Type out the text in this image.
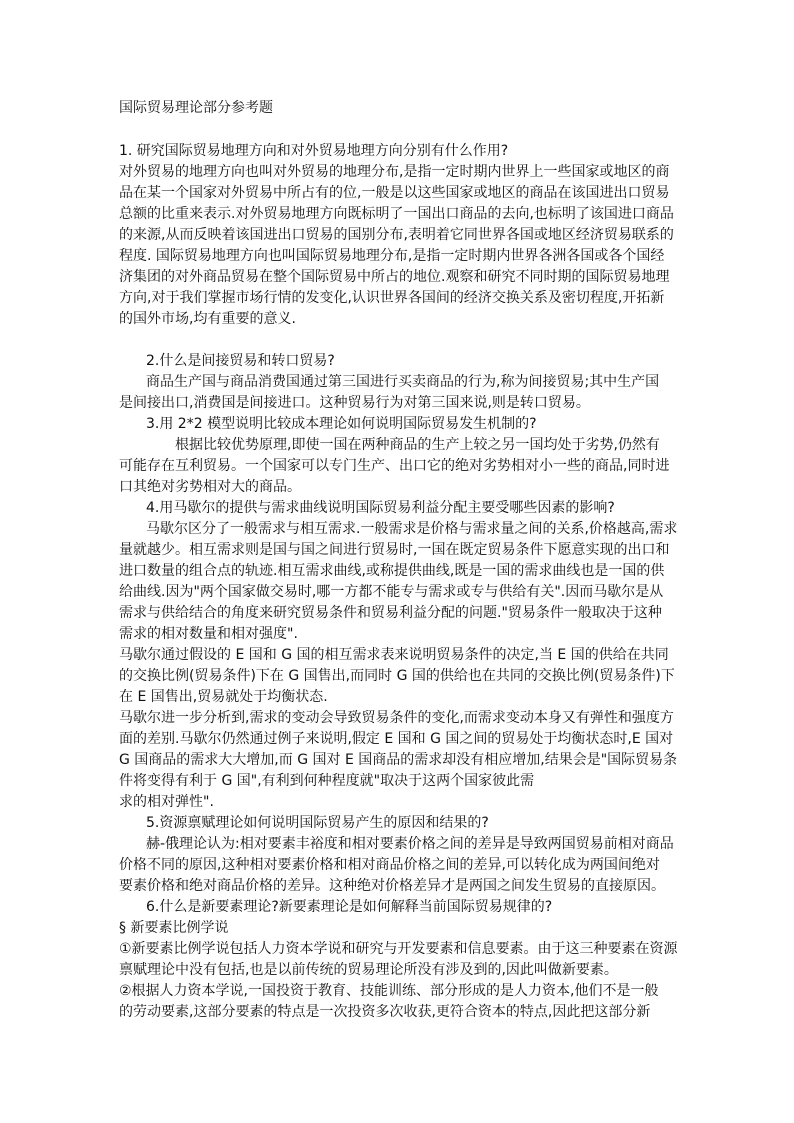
国际贸易理论部分参考题
1. 研究国际贸易地理方向和对外贸易地理方向分别有什么作用?
对外贸易的地理方向也叫对外贸易的地理分布,是指一定时期内世界上一些国家或地区的商
品在某一个国家对外贸易中所占有的位,一般是以这些国家或地区的商品在该国进出口贸易
总额的比重来表示.对外贸易地理方向既标明了一国出口商品的去向,也标明了该国进口商品
的来源,从而反映着该国进出口贸易的国别分布,表明着它同世界各国或地区经济贸易联系的
程度. 国际贸易地理方向也叫国际贸易地理分布,是指一定时期内世界各洲各国或各个国经
济集团的对外商品贸易在整个国际贸易中所占的地位.观察和研究不同时期的国际贸易地理
方向,对于我们掌握市场行情的发变化,认识世界各国间的经济交换关系及密切程度,开拓新
的国外市场,均有重要的意义.
2.什么是间接贸易和转口贸易?
商品生产国与商品消费国通过第三国进行买卖商品的行为,称为间接贸易;其中生产国
是间接出口,消费国是间接进口。这种贸易行为对第三国来说,则是转口贸易。
3.用 2*2 模型说明比较成本理论如何说明国际贸易发生机制的?
根据比较优势原理,即使一国在两种商品的生产上较之另一国均处于劣势,仍然有
可能存在互利贸易。一个国家可以专门生产、出口它的绝对劣势相对小一些的商品,同时进
口其绝对劣势相对大的商品。
4.用马歇尔的提供与需求曲线说明国际贸易利益分配主要受哪些因素的影响?
马歇尔区分了一般需求与相互需求.一般需求是价格与需求量之间的关系,价格越高,需求
量就越少。相互需求则是国与国之间进行贸易时,一国在既定贸易条件下愿意实现的出口和
进口数量的组合点的轨迹.相互需求曲线,或称提供曲线,既是一国的需求曲线也是一国的供
给曲线.因为"两个国家做交易时,哪一方都不能专与需求或专与供给有关".因而马歇尔是从
需求与供给结合的角度来研究贸易条件和贸易利益分配的问题."贸易条件一般取决于这种
需求的相对数量和相对强度".
马歇尔通过假设的 E 国和 G 国的相互需求表来说明贸易条件的决定,当 E 国的供给在共同
的交换比例(贸易条件)下在 G 国售出,而同时 G 国的供给也在共同的交换比例(贸易条件)下
在 E 国售出,贸易就处于均衡状态.
马歇尔进一步分析到,需求的变动会导致贸易条件的变化,而需求变动本身又有弹性和强度方
面的差别.马歇尔仍然通过例子来说明,假定 E 国和 G 国之间的贸易处于均衡状态时,E 国对
G 国商品的需求大大增加,而 G 国对 E 国商品的需求却没有相应增加,结果会是"国际贸易条
件将变得有利于 G 国",有利到何种程度就"取决于这两个国家彼此需
求的相对弹性".
5.资源禀赋理论如何说明国际贸易产生的原因和结果的?
赫-俄理论认为:相对要素丰裕度和相对要素价格之间的差异是导致两国贸易前相对商品
价格不同的原因,这种相对要素价格和相对商品价格之间的差异,可以转化成为两国间绝对
要素价格和绝对商品价格的差异。这种绝对价格差异才是两国之间发生贸易的直接原因。
6.什么是新要素理论?新要素理论是如何解释当前国际贸易规律的?
§ 新要素比例学说
①新要素比例学说包括人力资本学说和研究与开发要素和信息要素。由于这三种要素在资源
禀赋理论中没有包括,也是以前传统的贸易理论所没有涉及到的,因此叫做新要素。
②根据人力资本学说,一国投资于教育、技能训练、部分形成的是人力资本,他们不是一般
的劳动要素,这部分要素的特点是一次投资多次收获,更符合资本的特点,因此把这部分新
